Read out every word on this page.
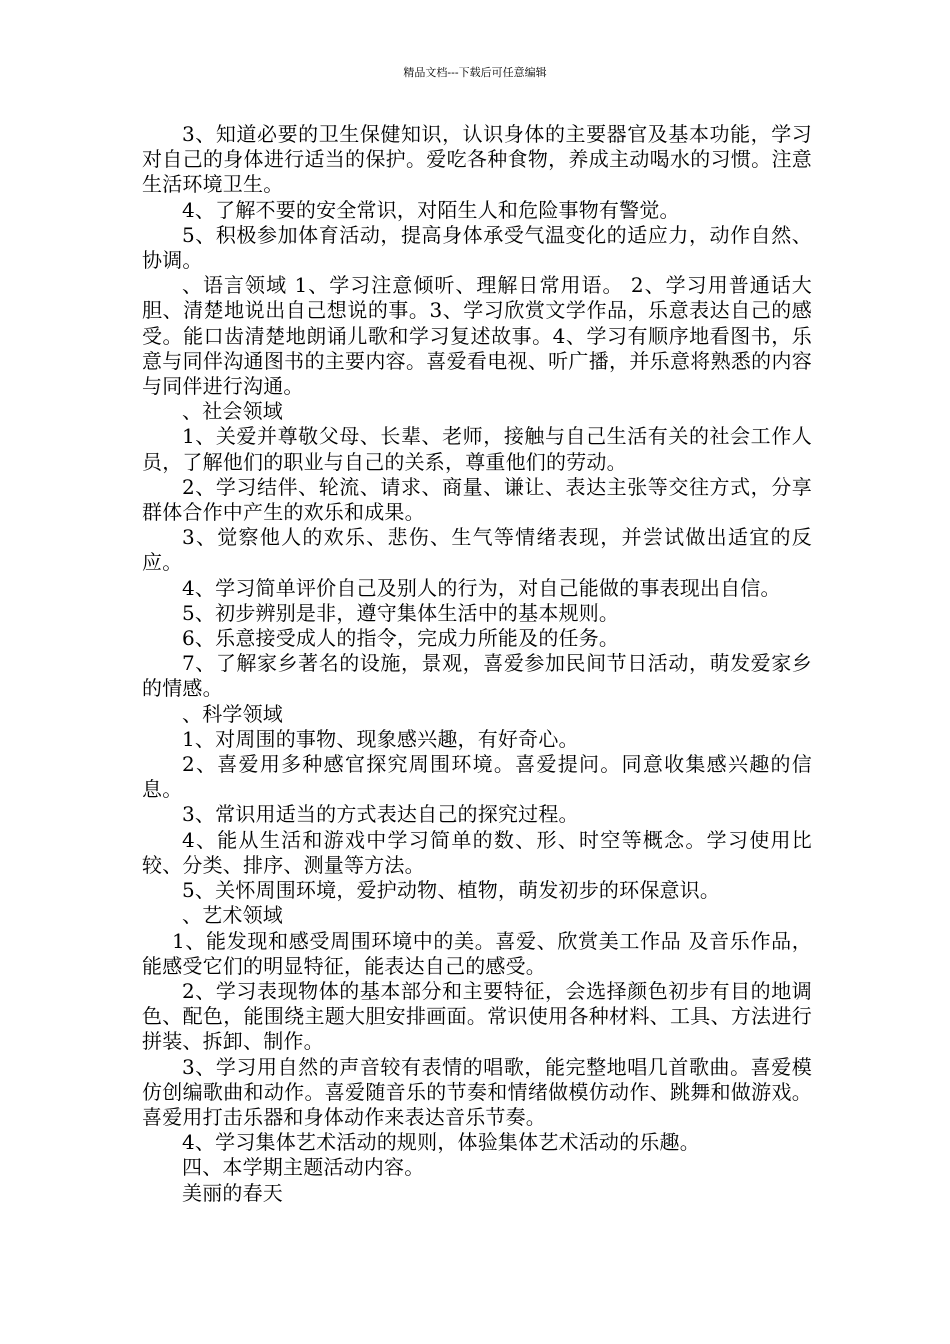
精品文档---下载后可任意编辑

3、知道必要的卫生保健知识，认识身体的主要器官及基本功能，学习对自己的身体进行适当的保护。爱吃各种食物，养成主动喝水的习惯。注意生活环境卫生。

4、了解不要的安全常识，对陌生人和危险事物有警觉。

5、积极参加体育活动，提高身体承受气温变化的适应力，动作自然、协调。

、语言领域 1、学习注意倾听、理解日常用语。 2、学习用普通话大胆、清楚地说出自己想说的事。3、学习欣赏文学作品，乐意表达自己的感受。能口齿清楚地朗诵儿歌和学习复述故事。4、学习有顺序地看图书，乐意与同伴沟通图书的主要内容。喜爱看电视、听广播，并乐意将熟悉的内容与同伴进行沟通。

、社会领域

1、关爱并尊敬父母、长辈、老师，接触与自己生活有关的社会工作人员，了解他们的职业与自己的关系，尊重他们的劳动。

2、学习结伴、轮流、请求、商量、谦让、表达主张等交往方式，分享群体合作中产生的欢乐和成果。

3、觉察他人的欢乐、悲伤、生气等情绪表现，并尝试做出适宜的反应。

4、学习简单评价自己及别人的行为，对自己能做的事表现出自信。

5、初步辨别是非，遵守集体生活中的基本规则。

6、乐意接受成人的指令，完成力所能及的任务。

7、了解家乡著名的设施，景观，喜爱参加民间节日活动，萌发爱家乡的情感。

、科学领域

1、对周围的事物、现象感兴趣，有好奇心。

2、喜爱用多种感官探究周围环境。喜爱提问。同意收集感兴趣的信息。

3、常识用适当的方式表达自己的探究过程。

4、能从生活和游戏中学习简单的数、形、时空等概念。学习使用比较、分类、排序、测量等方法。

5、关怀周围环境，爱护动物、植物，萌发初步的环保意识。

、艺术领域

1、能发现和感受周围环境中的美。喜爱、欣赏美工作品 及音乐作品，能感受它们的明显特征，能表达自己的感受。

2、学习表现物体的基本部分和主要特征，会选择颜色初步有目的地调色、配色，能围绕主题大胆安排画面。常识使用各种材料、工具、方法进行拼装、拆卸、制作。

3、学习用自然的声音较有表情的唱歌，能完整地唱几首歌曲。喜爱模仿创编歌曲和动作。喜爱随音乐的节奏和情绪做模仿动作、跳舞和做游戏。喜爱用打击乐器和身体动作来表达音乐节奏。

4、学习集体艺术活动的规则，体验集体艺术活动的乐趣。

四、本学期主题活动内容。

美丽的春天
